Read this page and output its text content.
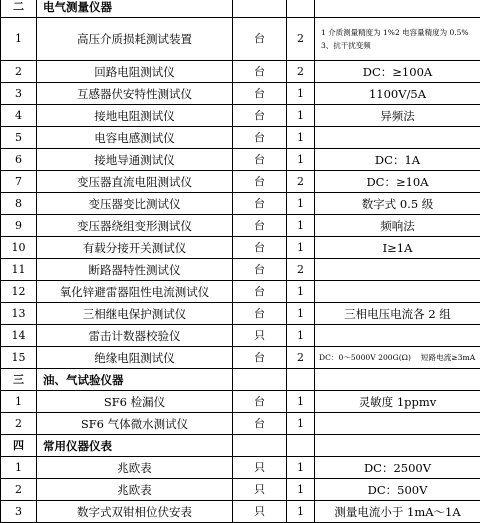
二	电气测量仪器			
1	高压介质损耗测试装置	台	2	1 介质测量精度为 1%2 电容量精度为 0.5%　 3、抗干扰变频
2	回路电阻测试仪	台	2	DC：≥100A
3	互感器伏安特性测试仪	台	1	1100V/5A
4	接地电阻测试仪	台	1	异频法
5	电容电感测试仪	台	1	
6	接地导通测试仪	台	1	DC：1A
7	变压器直流电阻测试仪	台	2	DC：≥10A
8	变压器变比测试仪	台	1	数字式 0.5 级
9	变压器绕组变形测试仪	台	1	频响法
10	有载分接开关测试仪	台	1	I≥1A
11	断路器特性测试仪	台	2	
12	氧化锌避雷器阻性电流测试仪	台	1	
13	三相继电保护测试仪	台	1	三相电压电流各 2 组
14	雷击计数器校验仪	只	1	
15	绝缘电阻测试仪	台	2	DC：0～5000V 200G(Ω)　 短路电流≥3mA
三	油、气试验仪器			
1	SF6 检漏仪	台	1	灵敏度 1ppmv
2	SF6 气体微水测试仪	台	1	
四	常用仪器仪表			
1	兆欧表	只	1	DC：2500V
2	兆欧表	只	1	DC：500V
3	数字式双钳相位伏安表	只	1	测量电流小于 1mA～1A
